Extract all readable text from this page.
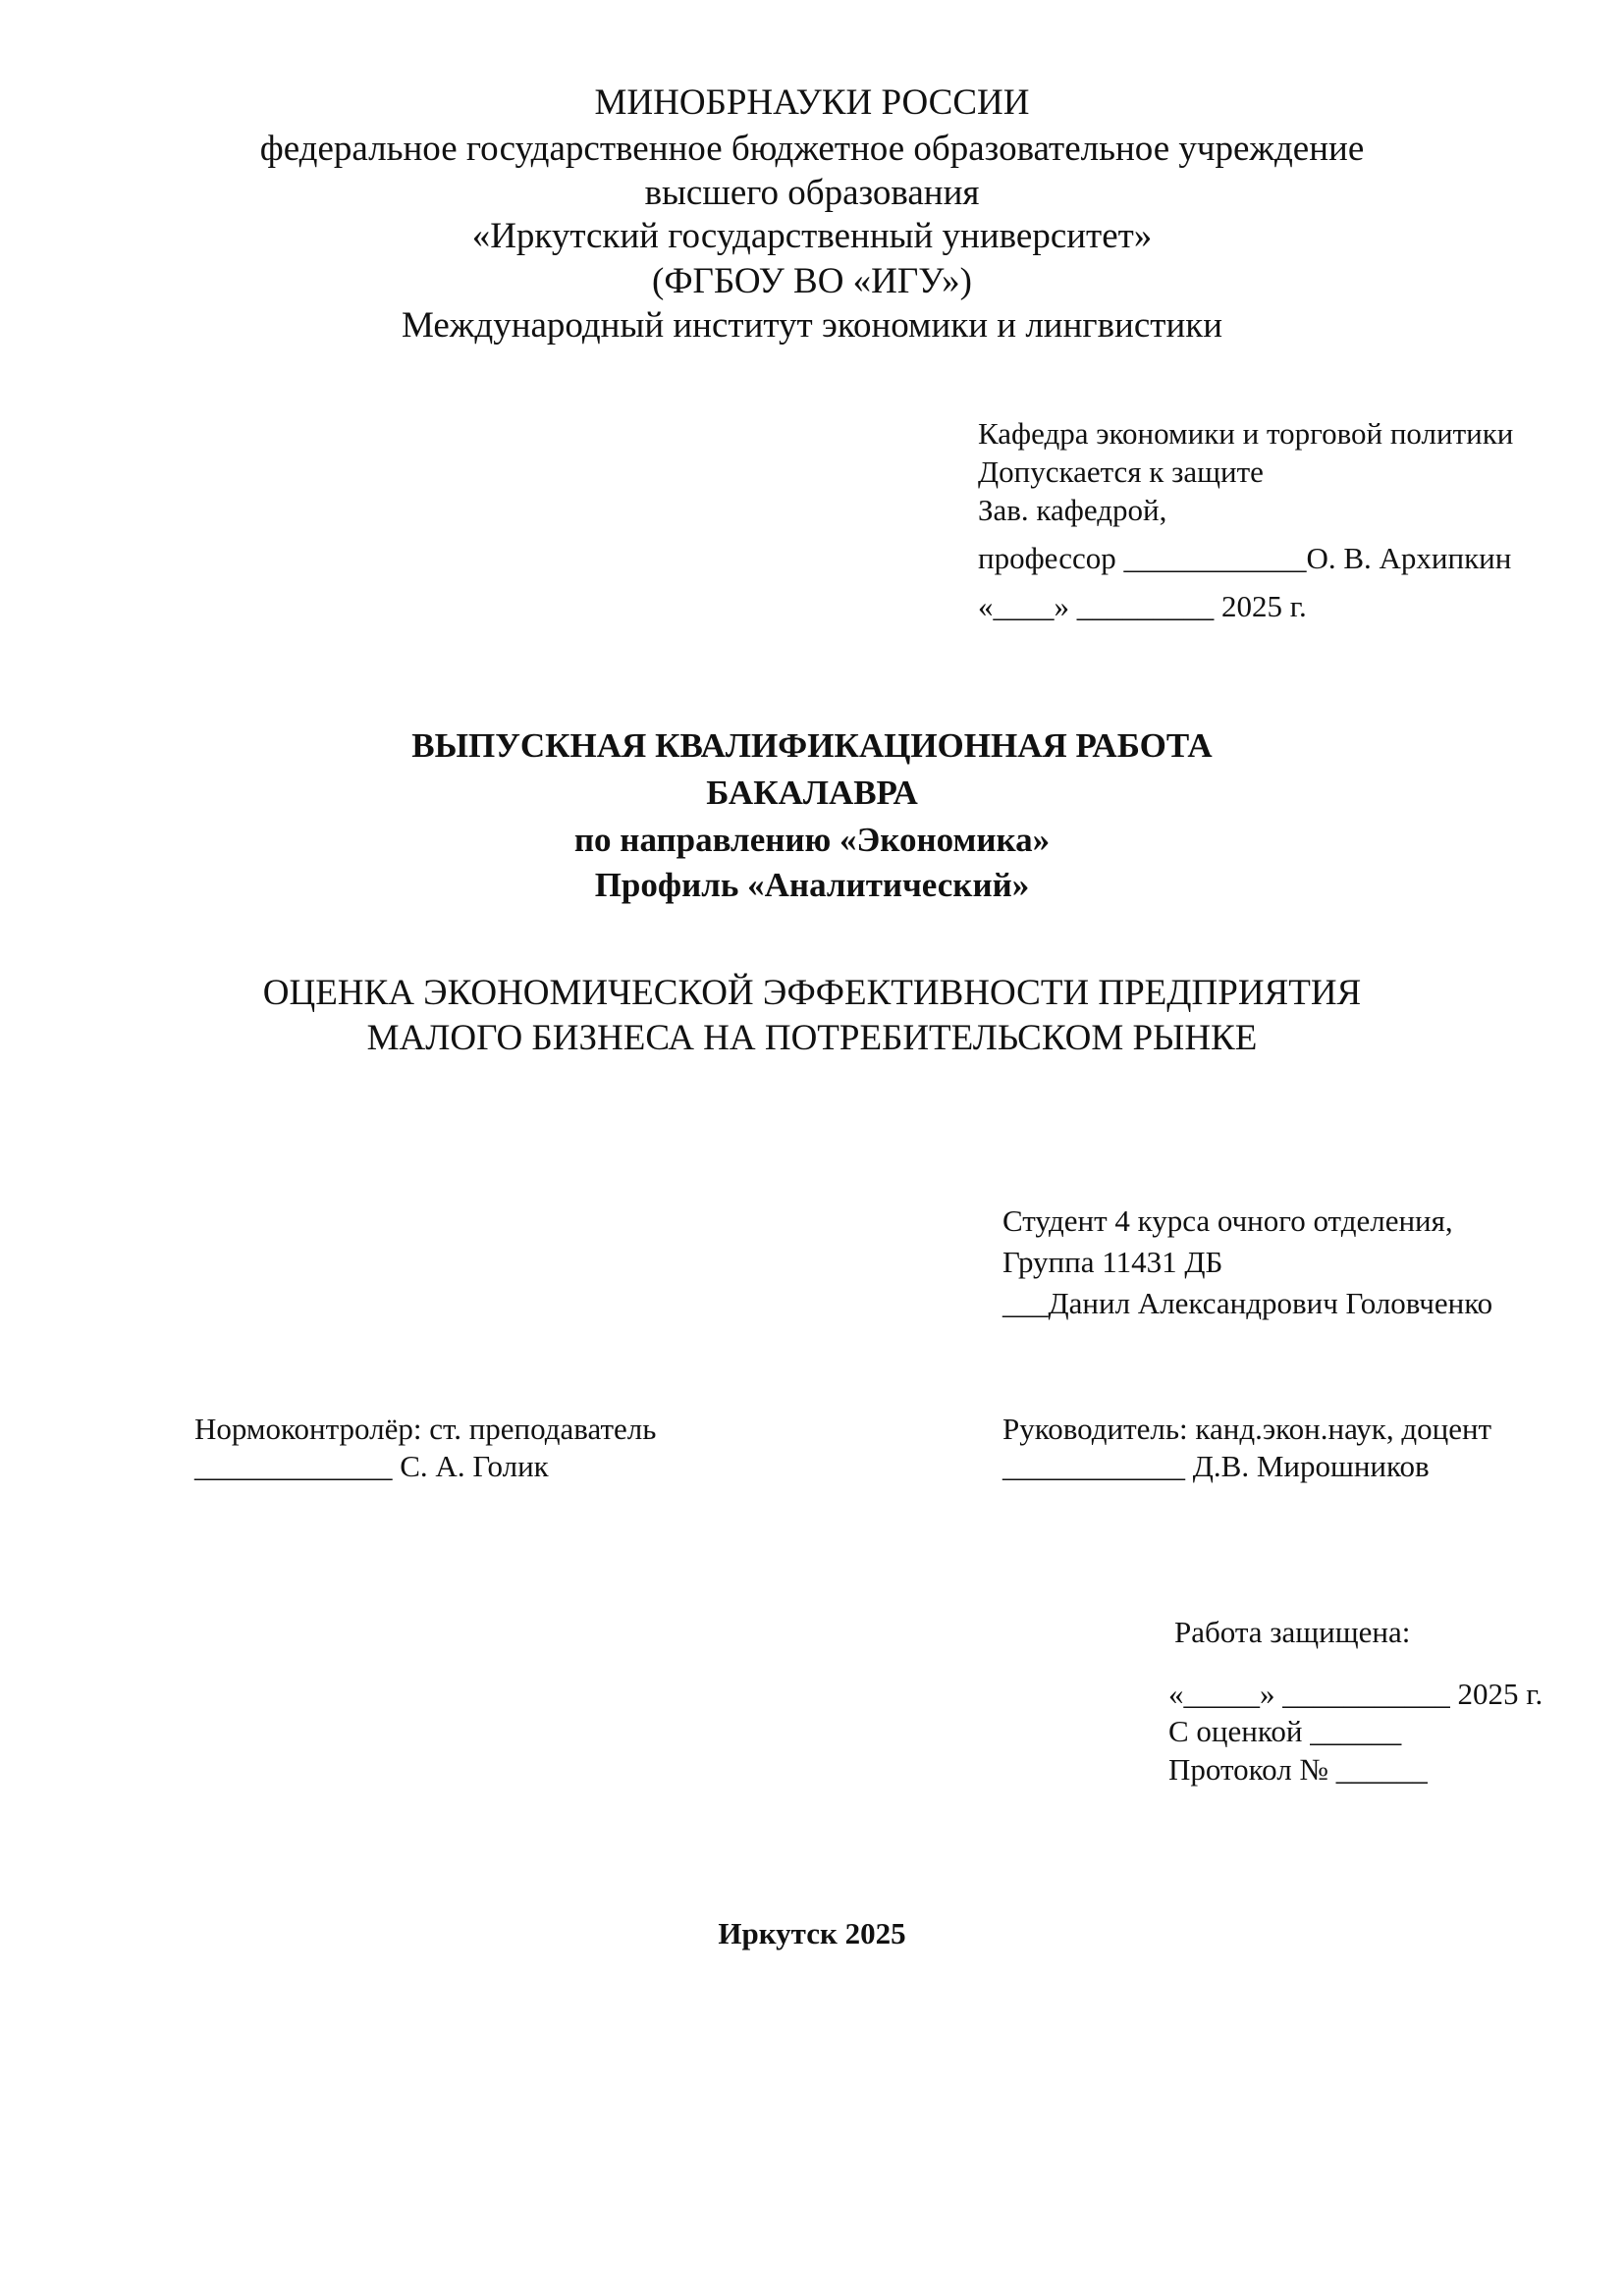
МИНОБРНАУКИ РОССИИ
федеральное государственное бюджетное образовательное учреждение
высшего образования
«Иркутский государственный университет»
(ФГБОУ ВО «ИГУ»)
Международный институт экономики и лингвистики
Кафедра экономики и торговой политики
Допускается к защите
Зав. кафедрой,
профессор ____________О. В. Архипкин
«____» _________ 2025 г.
ВЫПУСКНАЯ КВАЛИФИКАЦИОННАЯ РАБОТА
БАКАЛАВРА
по направлению «Экономика»
Профиль «Аналитический»
ОЦЕНКА ЭКОНОМИЧЕСКОЙ ЭФФЕКТИВНОСТИ ПРЕДПРИЯТИЯ
МАЛОГО БИЗНЕСА НА ПОТРЕБИТЕЛЬСКОМ РЫНКЕ
Студент 4 курса очного отделения,
Группа 11431 ДБ
___Данил Александрович Головченко
Нормоконтролёр: ст. преподаватель
_____________ С. А. Голик
Руководитель: канд.экон.наук, доцент
____________ Д.В. Мирошников
Работа защищена:
«_____» ___________ 2025 г.
С оценкой ______
Протокол № ______
Иркутск 2025
